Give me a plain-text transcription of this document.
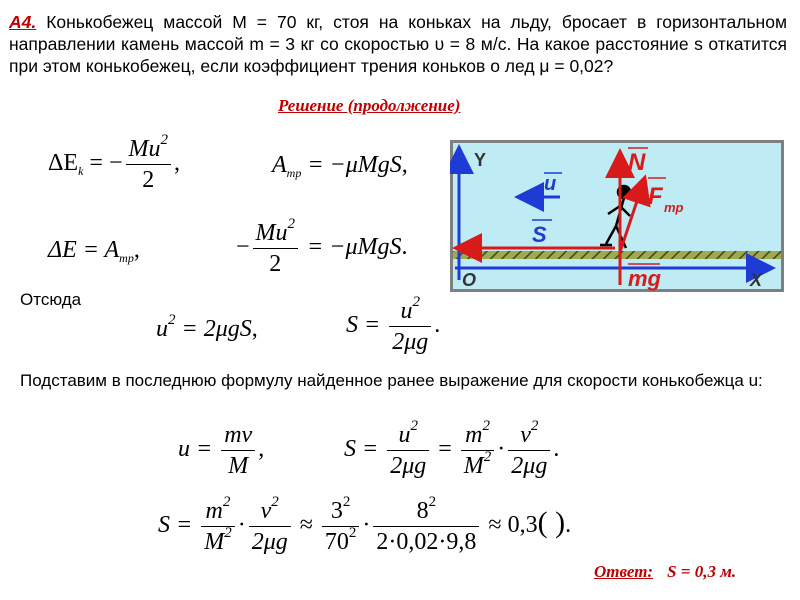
А4. Конькобежец массой M = 70 кг, стоя на коньках на льду, бросает в горизонтальном направлении камень массой m = 3 кг со скоростью υ = 8 м/с. На какое расстояние s откатится при этом конькобежец, если коэффициент трения коньков о лед μ = 0,02?
Решение (продолжение)
$\Delta E_k$ = − $\frac{Mu^2}{2}$ ,	$A_{тр} = -\mu MgS$,
$\Delta E = A_{тр}$,	− $\frac{Mu^2}{2} = -\mu MgS$.
Отсюда
$u^2 = 2\mu gS$,	$S = \frac{u^2}{2\mu g}$ .
Подставим в последнюю формулу найденное ранее выражение для скорости конькобежца u:
$u = \frac{mv}{M}$ ,	$S = \frac{u^2}{2\mu g} = \frac{m^2}{M^2} \cdot \frac{v^2}{2\mu g}$ .
$S = \frac{m^2}{M^2} \cdot \frac{v^2}{2\mu g} \approx \frac{3^2}{70^2} \cdot \frac{8^2}{2\cdot 0,02\cdot 9,8} \approx 0,3$( ).
Ответ: S = 0,3 м.
Y
O	X
u
S
N
F тр
mg
